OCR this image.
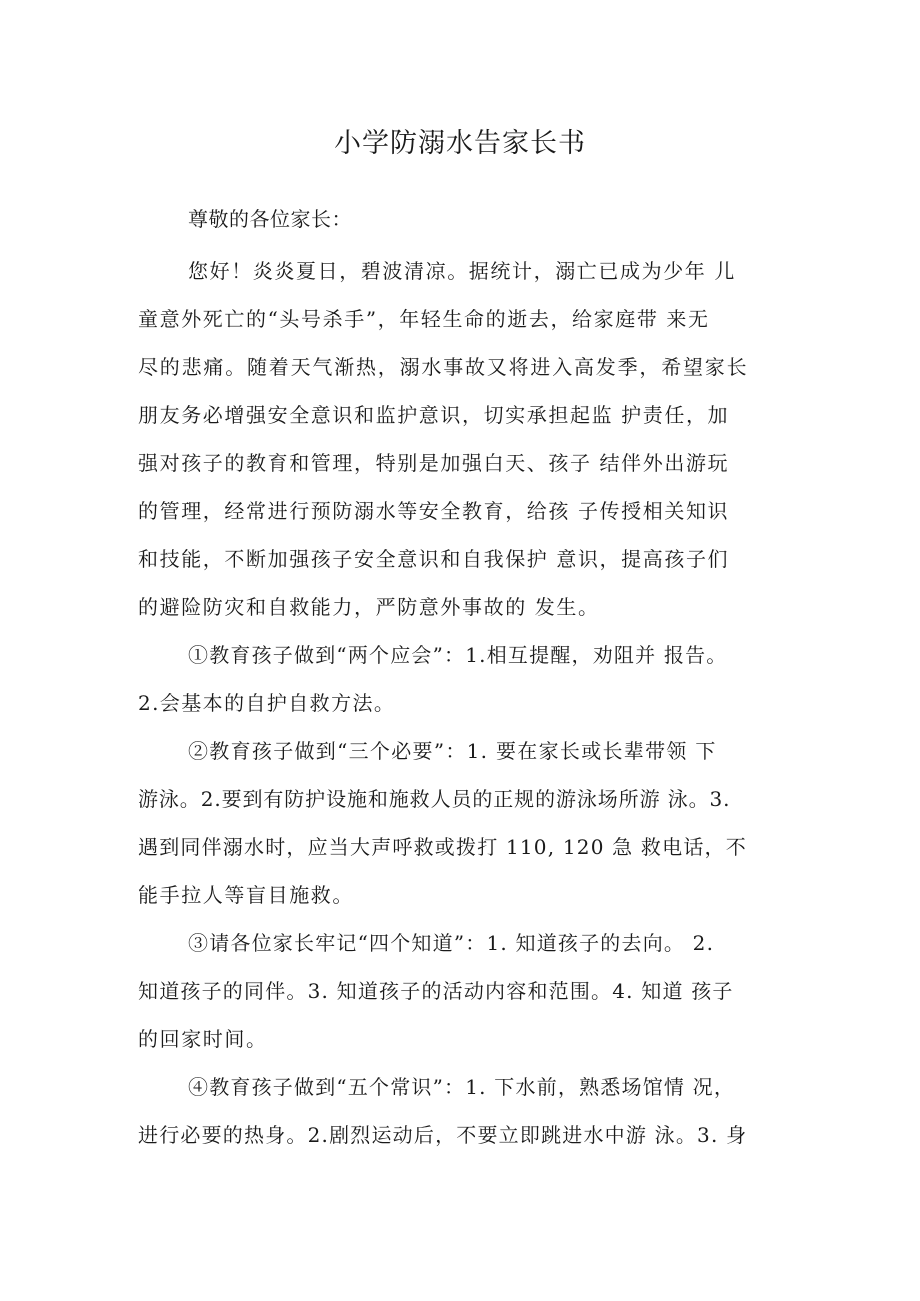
小学防溺水告家长书

尊敬的各位家长：

您好！炎炎夏日，碧波清凉。据统计，溺亡已成为少年 儿

童意外死亡的“头号杀手”，年轻生命的逝去，给家庭带 来无

尽的悲痛。随着天气渐热，溺水事故又将进入高发季，希望家长

朋友务必增强安全意识和监护意识，切实承担起监 护责任，加

强对孩子的教育和管理，特别是加强白天、孩子 结伴外出游玩

的管理，经常进行预防溺水等安全教育，给孩 子传授相关知识

和技能，不断加强孩子安全意识和自我保护 意识，提高孩子们

的避险防灾和自救能力，严防意外事故的 发生。

①教育孩子做到“两个应会”：1.相互提醒，劝阻并 报告。

2.会基本的自护自救方法。

②教育孩子做到“三个必要”：1. 要在家长或长辈带领 下

游泳。2.要到有防护设施和施救人员的正规的游泳场所游 泳。3.

遇到同伴溺水时，应当大声呼救或拨打 110, 120 急 救电话，不

能手拉人等盲目施救。

③请各位家长牢记“四个知道”：1. 知道孩子的去向。 2.

知道孩子的同伴。3. 知道孩子的活动内容和范围。4. 知道 孩子

的回家时间。

④教育孩子做到“五个常识”：1. 下水前，熟悉场馆情 况，

进行必要的热身。2.剧烈运动后，不要立即跳进水中游 泳。3. 身
